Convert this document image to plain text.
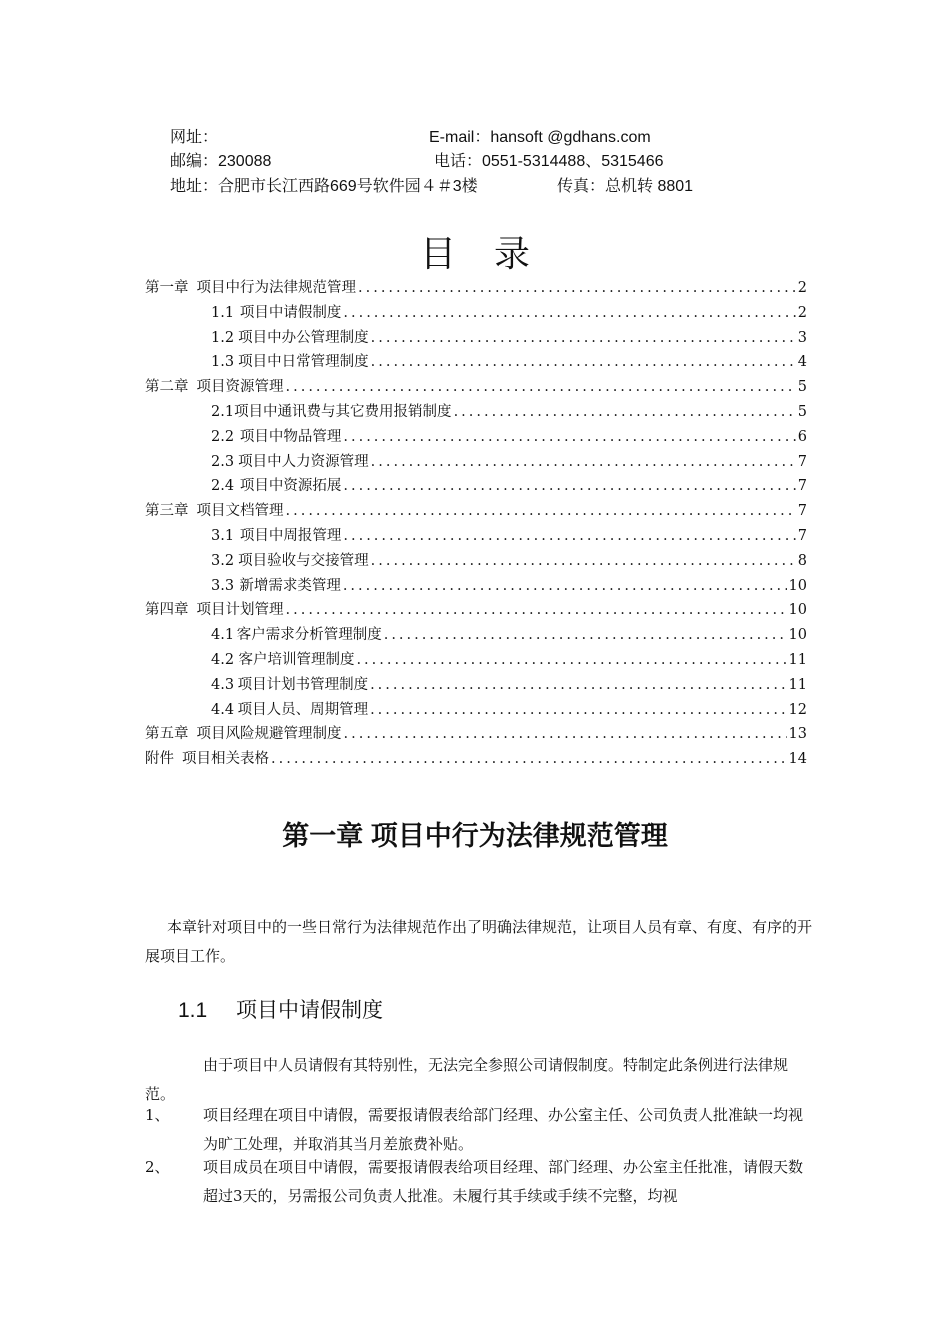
网址：	E-mail：hansoft @gdhans.com
邮编：230088	电话：0551-5314488、5315466
地址：合肥市长江西路669号软件园４＃3楼	传真：总机转 8801
目录
第一章 项目中行为法律规范管理 .....	2
1.1 项目中请假制度 .....	2
1.2 项目中办公管理制度 .....	3
1.3 项目中日常管理制度 .....	4
第二章 项目资源管理 .....	5
2.1 项目中通讯费与其它费用报销制度 .....	5
2.2 项目中物品管理 .....	6
2.3 项目中人力资源管理 .....	7
2.4 项目中资源拓展 .....	7
第三章 项目文档管理 .....	7
3.1 项目中周报管理 .....	7
3.2 项目验收与交接管理 .....	8
3.3 新增需求类管理 .....	10
第四章 项目计划管理 .....	10
4.1 客户需求分析管理制度 .....	10
4.2 客户培训管理制度 .....	11
4.3 项目计划书管理制度 .....	11
4.4 项目人员、周期管理 .....	12
第五章 项目风险规避管理制度 .....	13
附件 项目相关表格 .....	14
第一章 项目中行为法律规范管理
本章针对项目中的一些日常行为法律规范作出了明确法律规范，让项目人员有章、有度、有序的开展项目工作。
1.1 项目中请假制度
由于项目中人员请假有其特别性，无法完全参照公司请假制度。特制定此条例进行法律规范。
1、 项目经理在项目中请假，需要报请假表给部门经理、办公室主任、公司负责人批准缺一均视为旷工处理，并取消其当月差旅费补贴。
2、 项目成员在项目中请假，需要报请假表给项目经理、部门经理、办公室主任批准，请假天数超过3天的，另需报公司负责人批准。未履行其手续或手续不完整，均视
